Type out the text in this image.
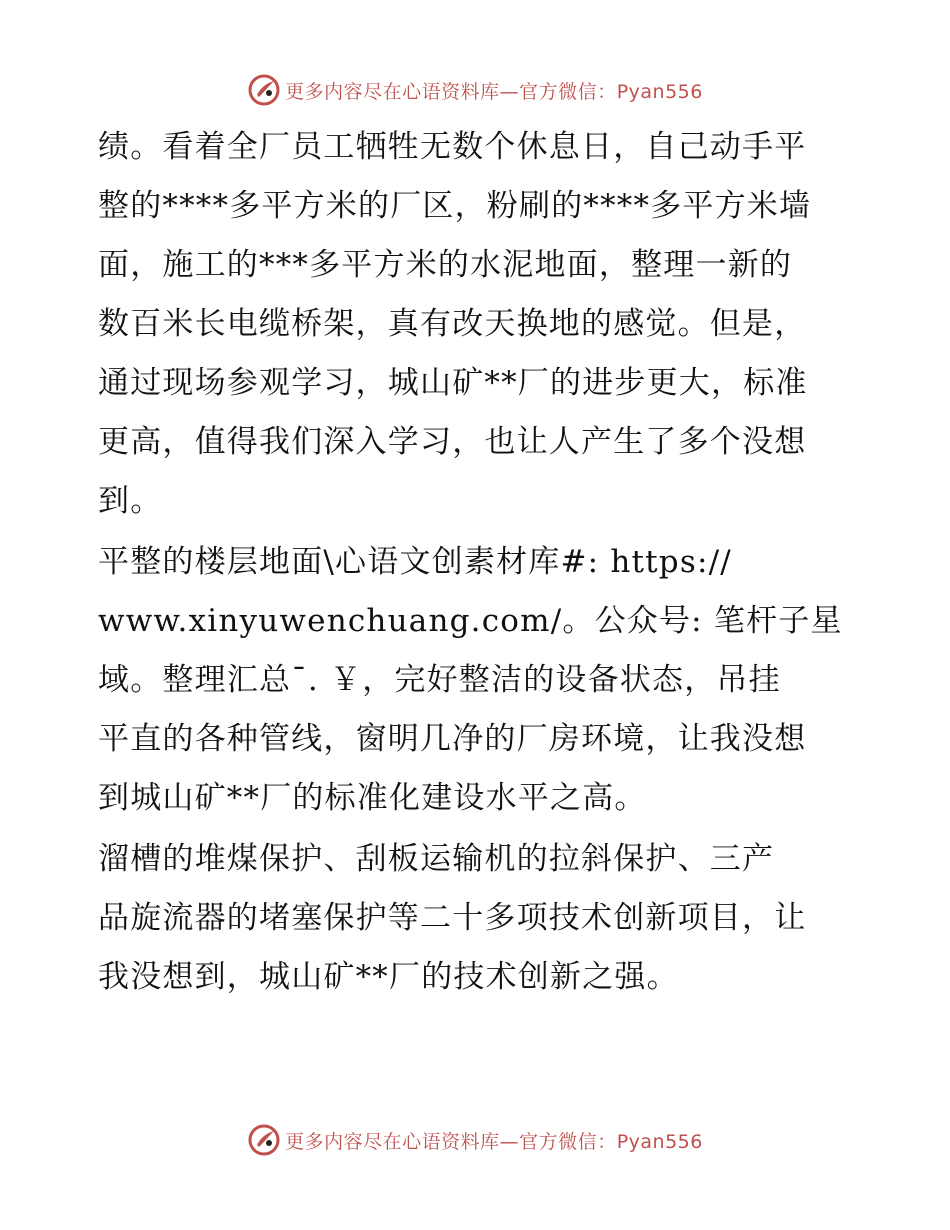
更多内容尽在心语资料库—官方微信：Pyan556

绩。看着全厂员工牺牲无数个休息日，自己动手平
整的****多平方米的厂区，粉刷的****多平方米墙
面，施工的***多平方米的水泥地面，整理一新的
数百米长电缆桥架，真有改天换地的感觉。但是，
通过现场参观学习，城山矿**厂的进步更大，标准
更高，值得我们深入学习，也让人产生了多个没想
到。

平整的楼层地面\心语文创素材库#: https://
www.xinyuwenchuang.com/。公众号: 笔杆子星
域。整理汇总¯. ￥，完好整洁的设备状态，吊挂
平直的各种管线，窗明几净的厂房环境，让我没想
到城山矿**厂的标准化建设水平之高。

溜槽的堆煤保护、刮板运输机的拉斜保护、三产
品旋流器的堵塞保护等二十多项技术创新项目，让
我没想到，城山矿**厂的技术创新之强。

更多内容尽在心语资料库—官方微信：Pyan556
